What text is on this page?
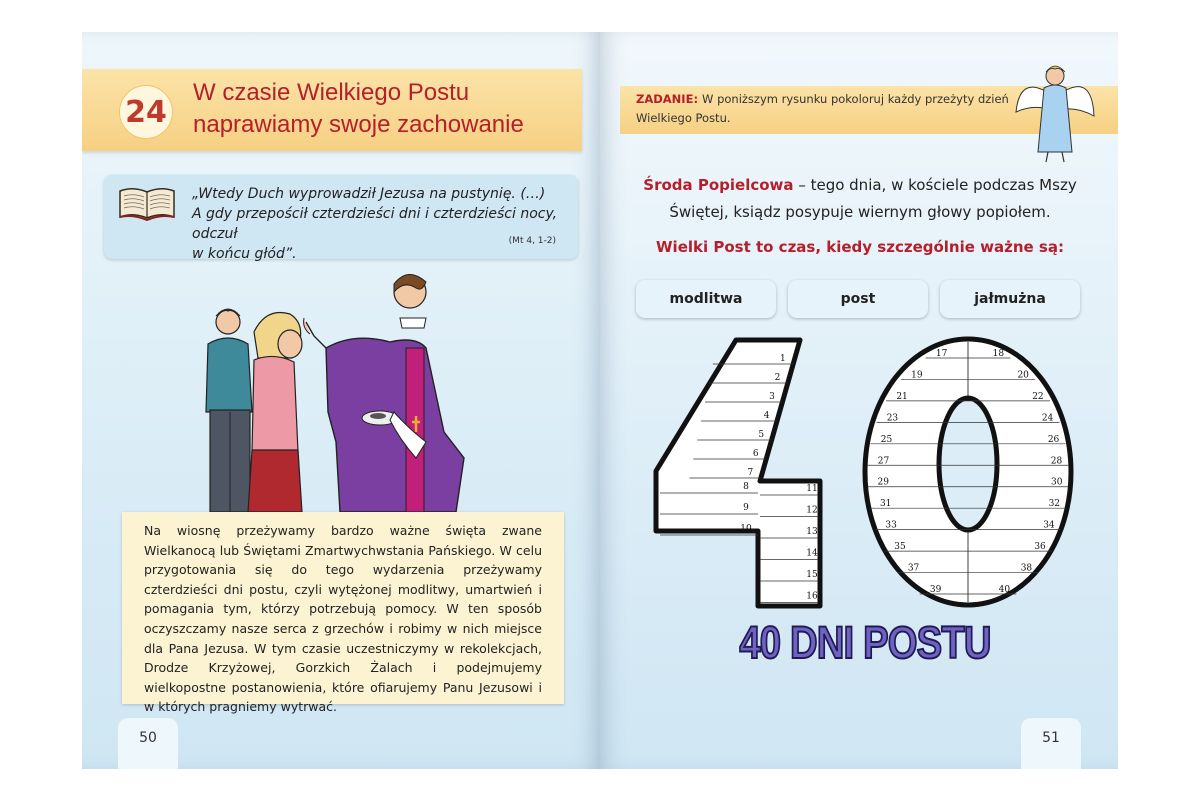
24
W czasie Wielkiego Postu
naprawiamy swoje zachowanie
„Wtedy Duch wyprowadził Jezusa na pustynię. (…)
A gdy przepościł czterdzieści dni i czterdzieści nocy, odczuł
w końcu głód”.
(Mt 4, 1-2)
Na wiosnę przeżywamy bardzo ważne święta zwane Wielkanocą lub Świętami Zmartwychwstania Pańskiego. W celu przygotowania się do tego wydarzenia przeżywamy czterdzieści dni postu, czyli wytężonej modlitwy, umartwień i pomagania tym, którzy potrzebują pomocy. W ten sposób oczyszczamy nasze serca z grzechów i robimy w nich miejsce dla Pana Jezusa. W tym czasie uczestniczymy w rekolekcjach, Drodze Krzyżowej, Gorzkich Żalach i podejmujemy wielkopostne postanowienia, które ofiarujemy Panu Jezusowi i w których pragniemy wytrwać.
50
ZADANIE: W poniższym rysunku pokoloruj każdy przeżyty dzień Wielkiego Postu.
Środa Popielcowa – tego dnia, w kościele podczas Mszy Świętej, ksiądz posypuje wiernym głowy popiołem.
Wielki Post to czas, kiedy szczególnie ważne są:
modlitwa	post	jałmużna
1
2
3
4
5
6
7
8
9
10
11
12
13
14
15
16
17
19
21
23
25
27
29
31
33
35
37
39
18
20
22
24
26
28
30
32
34
36
38
40
40 DNI POSTU
51
